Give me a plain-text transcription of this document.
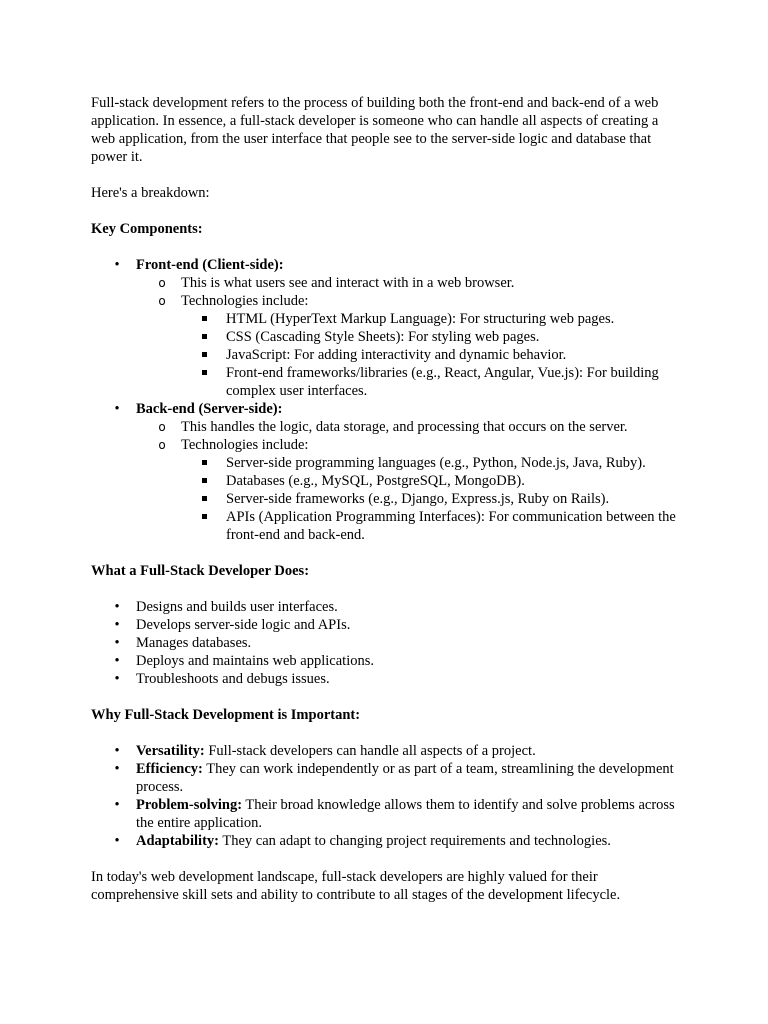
Full-stack development refers to the process of building both the front-end and back-end of a web application. In essence, a full-stack developer is someone who can handle all aspects of creating a web application, from the user interface that people see to the server-side logic and database that power it.

Here's a breakdown:

Key Components:

• Front-end (Client-side):
o This is what users see and interact with in a web browser.
o Technologies include:
HTML (HyperText Markup Language): For structuring web pages.
CSS (Cascading Style Sheets): For styling web pages.
JavaScript: For adding interactivity and dynamic behavior.
Front-end frameworks/libraries (e.g., React, Angular, Vue.js): For building complex user interfaces.
• Back-end (Server-side):
o This handles the logic, data storage, and processing that occurs on the server.
o Technologies include:
Server-side programming languages (e.g., Python, Node.js, Java, Ruby).
Databases (e.g., MySQL, PostgreSQL, MongoDB).
Server-side frameworks (e.g., Django, Express.js, Ruby on Rails).
APIs (Application Programming Interfaces): For communication between the front-end and back-end.

What a Full-Stack Developer Does:

• Designs and builds user interfaces.
• Develops server-side logic and APIs.
• Manages databases.
• Deploys and maintains web applications.
• Troubleshoots and debugs issues.

Why Full-Stack Development is Important:

• Versatility: Full-stack developers can handle all aspects of a project.
• Efficiency: They can work independently or as part of a team, streamlining the development process.
• Problem-solving: Their broad knowledge allows them to identify and solve problems across the entire application.
• Adaptability: They can adapt to changing project requirements and technologies.

In today's web development landscape, full-stack developers are highly valued for their comprehensive skill sets and ability to contribute to all stages of the development lifecycle.
